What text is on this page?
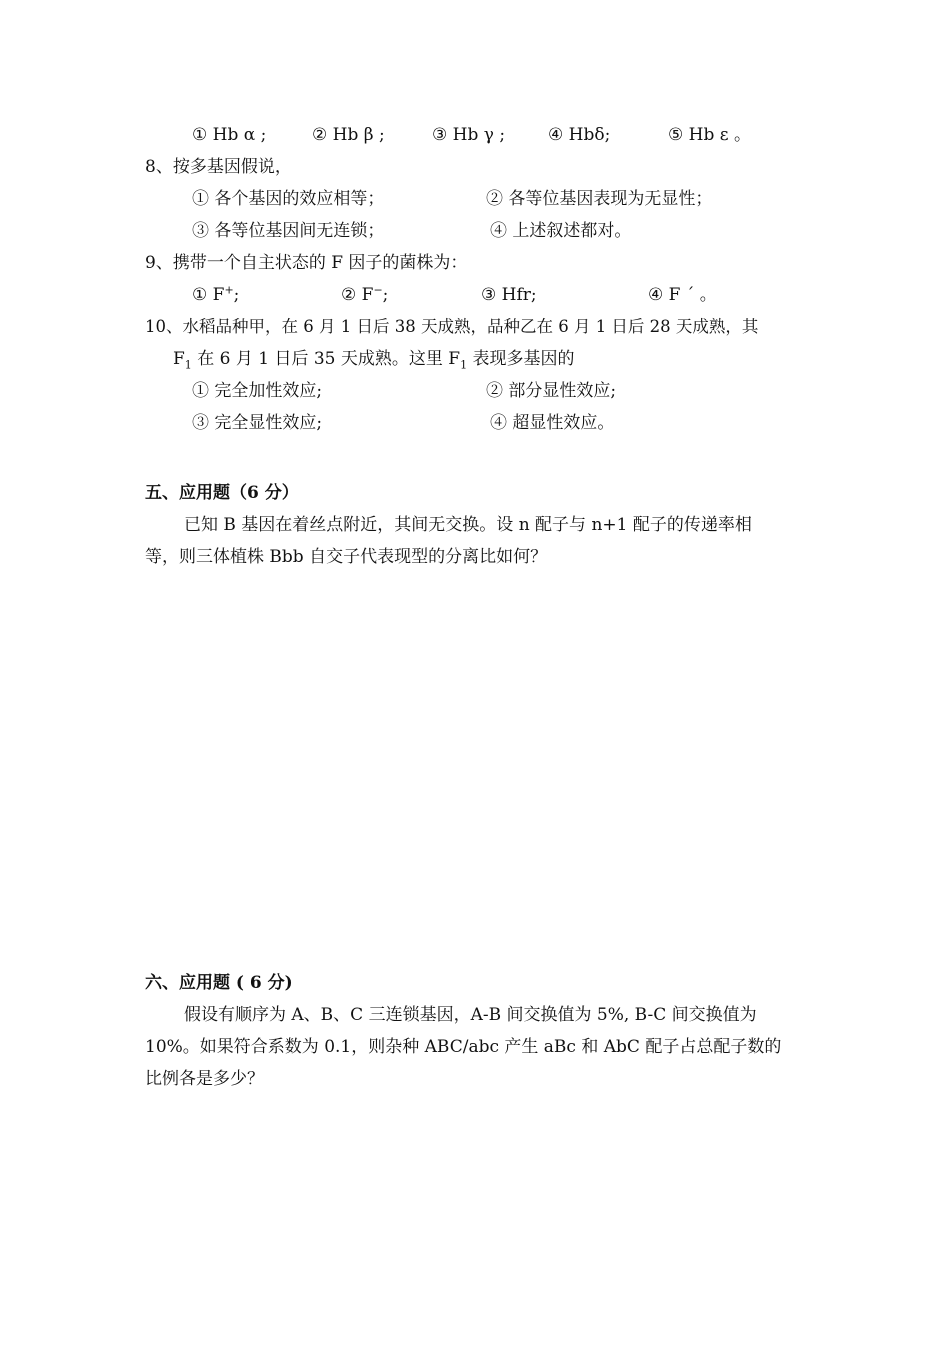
① Hb α ;	② Hb β ;	③ Hb γ ;	④ Hbδ;	⑤ Hb ε 。
8、按多基因假说，
① 各个基因的效应相等；	② 各等位基因表现为无显性；
③ 各等位基因间无连锁；	④ 上述叙述都对。
9、携带一个自主状态的 F 因子的菌株为：
① F+;	② F−;	③ Hfr;	④ F ´ 。
10、水稻品种甲，在 6 月 1 日后 38 天成熟，品种乙在 6 月 1 日后 28 天成熟，其
$F_1$ 在 6 月 1 日后 35 天成熟。这里 $F_1$ 表现多基因的
① 完全加性效应;	② 部分显性效应;
③ 完全显性效应;	④ 超显性效应。
五、应用题（6 分）
已知 B 基因在着丝点附近，其间无交换。设 n 配子与 n+1 配子的传递率相
等，则三体植株 Bbb 自交子代表现型的分离比如何？
六、应用题 ( 6 分)
假设有顺序为 A、B、C 三连锁基因，A-B 间交换值为 5%, B-C 间交换值为
10%。如果符合系数为 0.1，则杂种 ABC/abc 产生 aBc 和 AbC 配子占总配子数的
比例各是多少？
